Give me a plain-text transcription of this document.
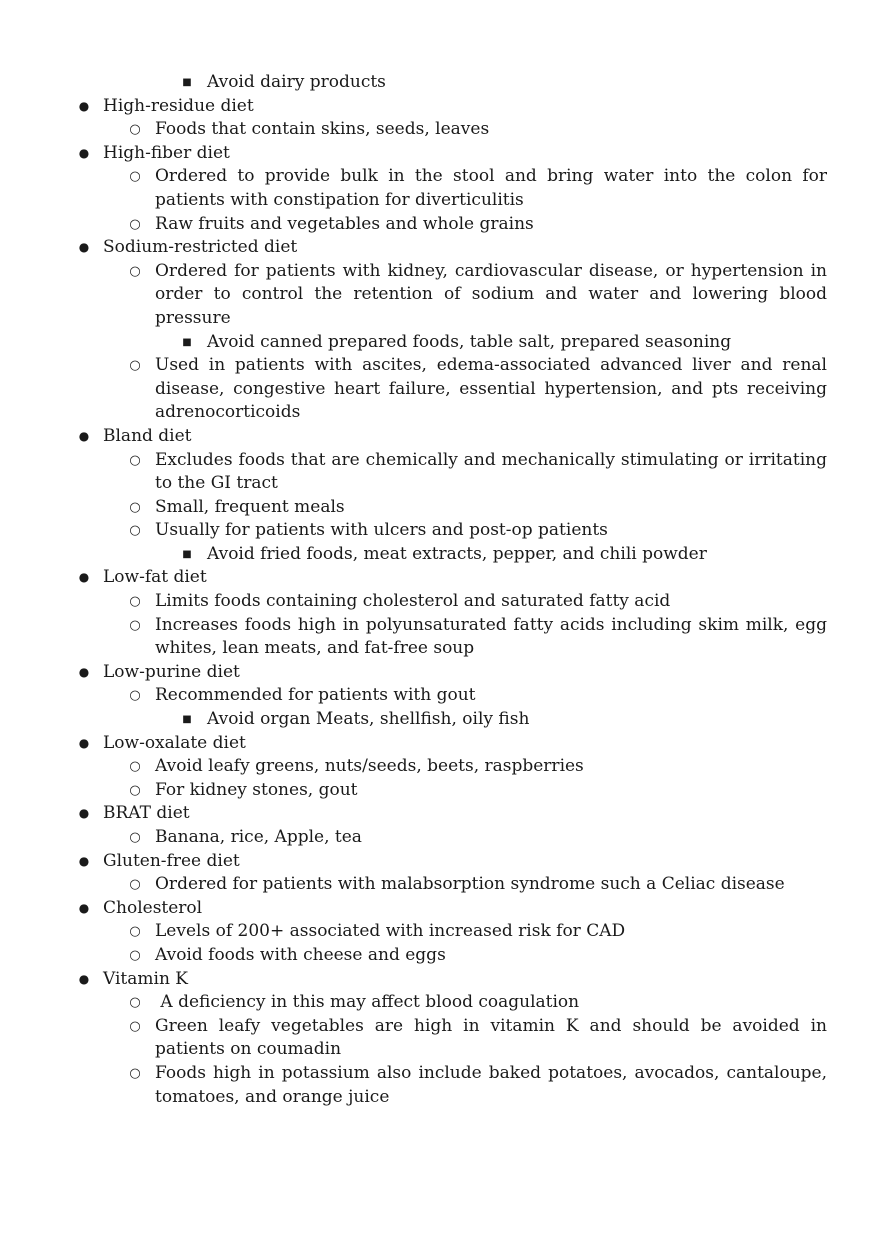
■ Avoid dairy products
● High-residue diet
○ Foods that contain skins, seeds, leaves
● High-fiber diet
○ Ordered to provide bulk in the stool and bring water into the colon for patients with constipation for diverticulitis
○ Raw fruits and vegetables and whole grains
● Sodium-restricted diet
○ Ordered for patients with kidney, cardiovascular disease, or hypertension in order to control the retention of sodium and water and lowering blood pressure
■ Avoid canned prepared foods, table salt, prepared seasoning
○ Used in patients with ascites, edema-associated advanced liver and renal disease, congestive heart failure, essential hypertension, and pts receiving adrenocorticoids
● Bland diet
○ Excludes foods that are chemically and mechanically stimulating or irritating to the GI tract
○ Small, frequent meals
○ Usually for patients with ulcers and post-op patients
■ Avoid fried foods, meat extracts, pepper, and chili powder
● Low-fat diet
○ Limits foods containing cholesterol and saturated fatty acid
○ Increases foods high in polyunsaturated fatty acids including skim milk, egg whites, lean meats, and fat-free soup
● Low-purine diet
○ Recommended for patients with gout
■ Avoid organ Meats, shellfish, oily fish
● Low-oxalate diet
○ Avoid leafy greens, nuts/seeds, beets, raspberries
○ For kidney stones, gout
● BRAT diet
○ Banana, rice, Apple, tea
● Gluten-free diet
○ Ordered for patients with malabsorption syndrome such a Celiac disease
● Cholesterol
○ Levels of 200+ associated with increased risk for CAD
○ Avoid foods with cheese and eggs
● Vitamin K
○ A deficiency in this may affect blood coagulation
○ Green leafy vegetables are high in vitamin K and should be avoided in patients on coumadin
○ Foods high in potassium also include baked potatoes, avocados, cantaloupe, tomatoes, and orange juice
